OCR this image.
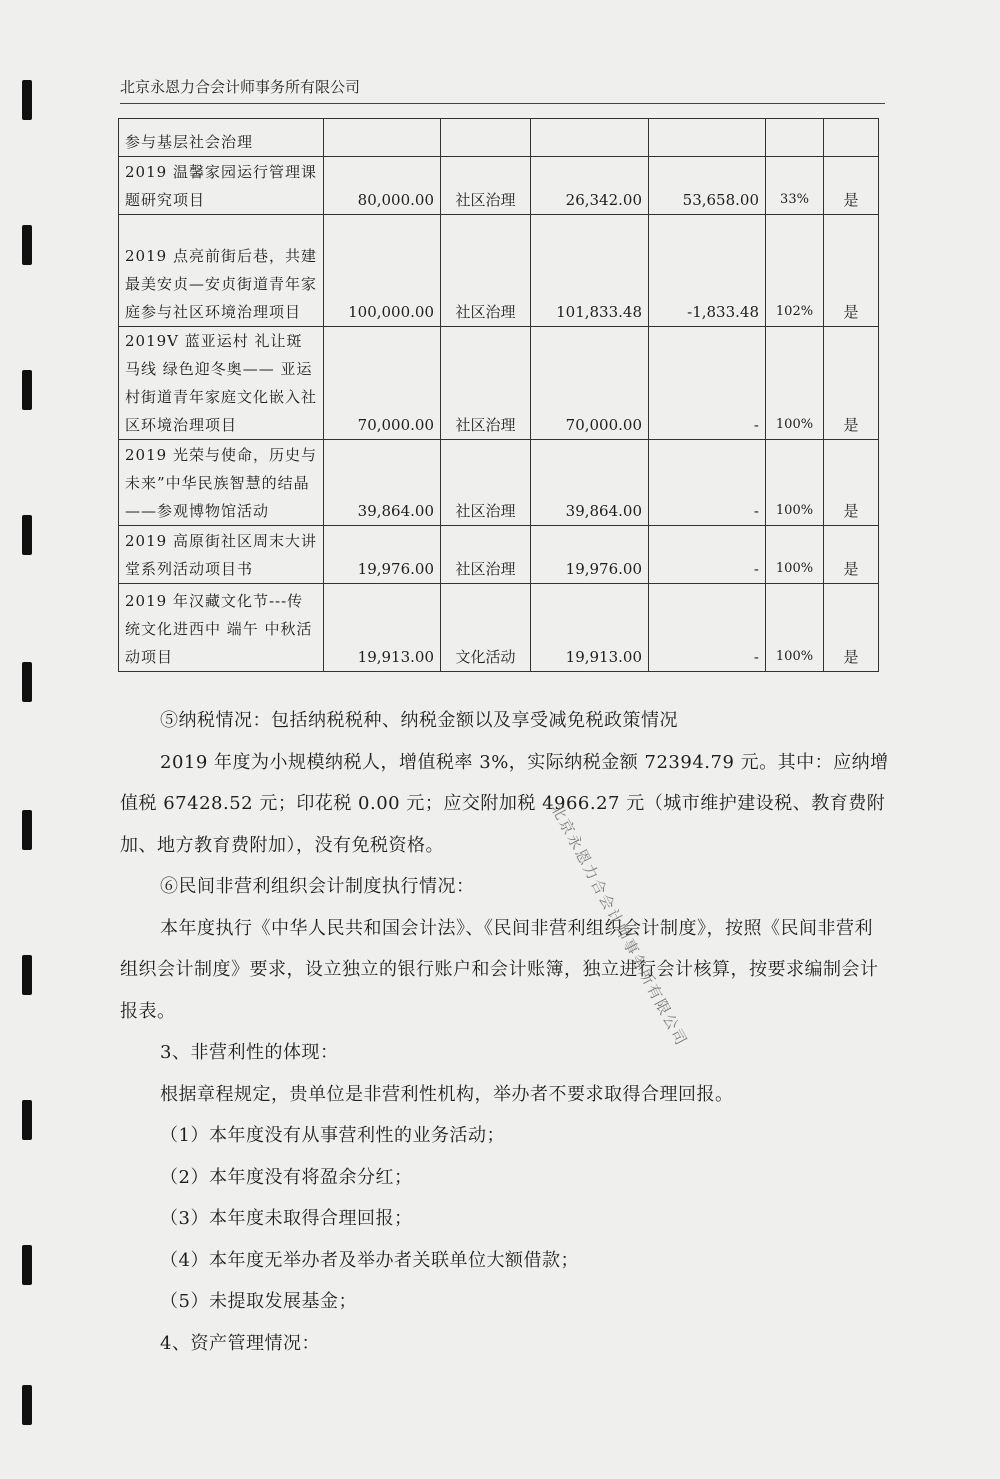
北京永恩力合会计师事务所有限公司
参与基层社会治理						
2019 温馨家园运行管理课题研究项目	80,000.00	社区治理	26,342.00	53,658.00	33%	是
2019 点亮前街后巷，共建最美安贞—安贞街道青年家庭参与社区环境治理项目	100,000.00	社区治理	101,833.48	-1,833.48	102%	是
2019V 蓝亚运村 礼让斑马线 绿色迎冬奥—— 亚运村街道青年家庭文化嵌入社区环境治理项目	70,000.00	社区治理	70,000.00	-	100%	是
2019 光荣与使命，历史与未来”中华民族智慧的结晶——参观博物馆活动	39,864.00	社区治理	39,864.00	-	100%	是
2019 高原街社区周末大讲堂系列活动项目书	19,976.00	社区治理	19,976.00	-	100%	是
2019 年汉藏文化节---传统文化进西中 端午 中秋活动项目	19,913.00	文化活动	19,913.00	-	100%	是

⑤纳税情况：包括纳税税种、纳税金额以及享受减免税政策情况

2019 年度为小规模纳税人，增值税率 3%，实际纳税金额 72394.79 元。其中：应纳增值税 67428.52 元；印花税 0.00 元；应交附加税 4966.27 元（城市维护建设税、教育费附加、地方教育费附加），没有免税资格。

⑥民间非营利组织会计制度执行情况：

本年度执行《中华人民共和国会计法》、《民间非营利组织会计制度》，按照《民间非营利组织会计制度》要求，设立独立的银行账户和会计账簿，独立进行会计核算，按要求编制会计报表。

3、非营利性的体现：

根据章程规定，贵单位是非营利性机构，举办者不要求取得合理回报。

（1）本年度没有从事营利性的业务活动；

（2）本年度没有将盈余分红；

（3）本年度未取得合理回报；

（4）本年度无举办者及举办者关联单位大额借款；

（5）未提取发展基金；

4、资产管理情况：

北京永恩力合会计师事务所有限公司
